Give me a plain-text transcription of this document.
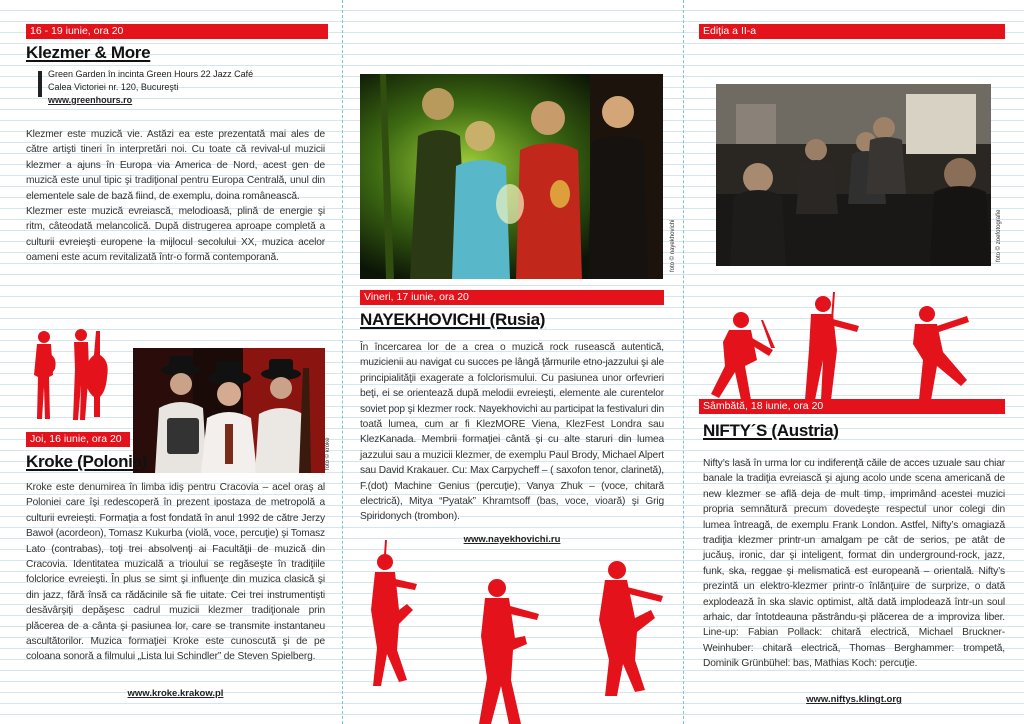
16 - 19 iunie, ora 20
Klezmer & More
Green Garden în incinta Green Hours 22 Jazz Café
Calea Victoriei nr. 120, Bucureşti
www.greenhours.ro

Klezmer este muzică vie. Astăzi ea este prezentată mai ales de către artişti tineri în interpretări noi. Cu toate că revival-ul muzicii klezmer a ajuns în Europa via America de Nord, acest gen de muzică este unul tipic şi tradiţional pentru Europa Centrală, unul din elementele sale de bază fiind, de exemplu, doina românească.

Klezmer este muzică evreiască, melodioasă, plină de energie şi ritm, câteodată melancolică. După distrugerea aproape completă a culturii evreieşti europene la mijlocul secolului XX, muzica acelor oameni este acum revitalizată într-o formă contemporană.

foto © kroke
Joi, 16 iunie, ora 20
Kroke (Polonia)
Kroke este denumirea în limba idiş pentru Cracovia – acel oraş al Poloniei care îşi redescoperă în prezent ipostaza de metropolă a culturii evreieşti. Formaţia a fost fondată în anul 1992 de către Jerzy Bawoł (acordeon), Tomasz Kukurba (violă, voce, percuţie) şi Tomasz Lato (contrabas), toţi trei absolvenţi ai Facultăţii de muzică din Cracovia. Identitatea muzicală a trioului se regăseşte în tradiţiile folclorice evreieşti. În plus se simt şi influenţe din muzica clasică şi din jazz, fără însă ca rădăcinile să fie uitate. Cei trei instrumentişti desăvârşiţi depăşesc cadrul muzicii klezmer tradiţionale prin plăcerea de a cânta şi pasiunea lor, care se transmite instantaneu ascultătorilor. Muzica formaţiei Kroke este cunoscută şi de pe coloana sonoră a filmului „Lista lui Schindler” de Steven Spielberg.
www.kroke.krakow.pl
foto © nayekhovichi
Vineri, 17 iunie, ora 20
NAYEKHOVICHI (Rusia)
În încercarea lor de a crea o muzică rock rusească autentică, muzicienii au navigat cu succes pe lângă ţărmurile etno-jazzului şi ale principialităţii exagerate a folclorismului. Cu pasiunea unor orfevrieri beţi, ei se orientează după melodii evreieşti, elemente ale curentelor soviet pop şi klezmer rock. Nayekhovichi au participat la festivaluri din toată lumea, cum ar fi KlezMORE Viena, KlezFest Londra sau KlezKanada. Membrii formaţiei cântă şi cu alte staruri din lumea jazzului sau a muzicii klezmer, de exemplu Paul Brody, Michael Alpert sau David Krakauer. Cu: Max Carpycheff – ( saxofon tenor, clarinetă), F.(dot) Machine Genius (percuţie), Vanya Zhuk – (voce, chitară electrică), Mitya “Pyatak” Khramtsoff (bas, voce, vioară) şi Grig Spiridonych (trombon).
www.nayekhovichi.ru
Ediţia a II-a
foto © zoefotografie
Sâmbătă, 18 iunie, ora 20
NIFTY´S (Austria)
Nifty’s lasă în urma lor cu indiferenţă căile de acces uzuale sau chiar banale la tradiţia evreiască şi ajung acolo unde scena americană de new klezmer se află deja de mult timp, imprimând acestei muzici propria semnătură precum dovedeşte respectul unor colegi din lumea întreagă, de exemplu Frank London. Astfel, Nifty’s omagiază tradiţia klezmer printr-un amalgam pe cât de serios, pe atât de jucăuş, ironic, dar şi inteligent, format din underground-rock, jazz, funk, ska, reggae şi melismatică est europeană – orientală. Nifty’s prezintă un elektro-klezmer printr-o înlănţuire de surprize, o dată explodează în ska slavic optimist, altă dată implodează într-un soul arhaic, dar întotdeauna păstrându-şi plăcerea de a improviza liber. Line-up: Fabian Pollack: chitară electrică, Michael Bruckner-Weinhuber: chitară electrică, Thomas Berghammer: trompetă, Dominik Grünbühel: bas, Mathias Koch: percuţie.
www.niftys.klingt.org
